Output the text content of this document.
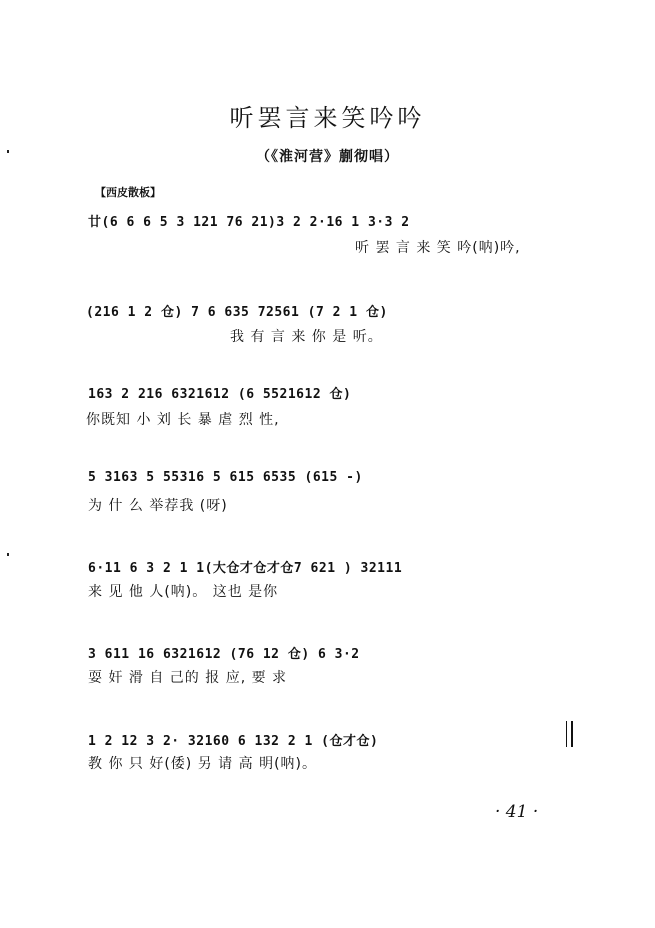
听罢言来笑吟吟
（《淮河营》蒯彻唱）
【西皮散板】
廿(6 6 6 5 3 121 76 21)3 2 2·16 1 3·3 2
听 罢 言 来 笑 吟(呐)吟,
(216 1 2 仓) 7 6 635 72561 (7 2 1 仓)
我 有 言 来 你 是 听。
163 2 216 6321612 (6 5521612 仓)
你既知 小 刘 长 暴 虐 烈 性,
5 3163 5 55316 5 615 6535 (615 -)
为 什 么 举荐我 (呀)
6·11 6 3 2 1 1(大仓才仓才仓7 621 ) 32111
来 见 他 人(呐)。 这也 是你
3 611 16 6321612 (76 12 仓) 6 3·2
耍 奸 滑 自 己的 报 应, 要 求
1 2 12 3 2· 32160 6 132 2 1 (仓才仓)
教 你 只 好(倭) 另 请 高 明(呐)。
· 41 ·
